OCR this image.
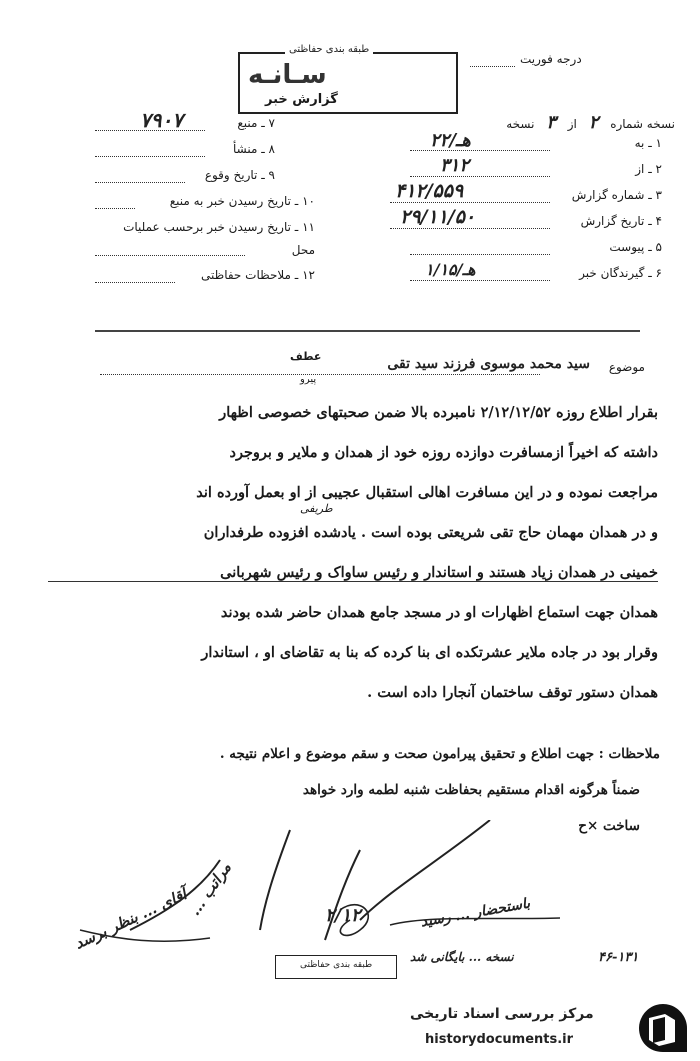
درجه فوریت
طبقه بندی حفاظتی
سـانـه
گزارش خبر
نسخه شماره ۲ از ۳ نسخه
۱ ـ به
۲۲/هـ
۲ ـ از
۳۱۲
۳ ـ شماره گزارش
۴۱۲/۵۵۹
۴ ـ تاریخ گزارش
۲۹/۱۱/۵۰
۵ ـ پیوست
۶ ـ گیرندگان خبر
۱/۱۵/هـ
۷ ـ منبع
۷۹۰۷
۸ ـ منشأ
۹ ـ تاریخ وقوع
۱۰ ـ تاریخ رسیدن خبر به منبع
۱۱ ـ تاریخ رسیدن خبر برحسب عملیات
محل
۱۲ ـ ملاحظات حفاظتی
موضوع
سید محمد موسوی فرزند سید تقی
عطف
پیرو
بقرار اطلاع روزه ۲/۱۲/۱۲/۵۲ نامبرده بالا ضمن صحبتهای خصوصی اظهار
داشته که اخیراً ازمسافرت دوازده روزه خود از همدان و ملایر و بروجرد
مراجعت نموده و در این مسافرت اهالی استقبال عجیبی از او بعمل آورده اند
طریفی
و در همدان مهمان حاج تقی شریعتی بوده است . یادشده افزوده طرفداران
خمینی در همدان زیاد هستند و استاندار و رئیس ساواک و رئیس شهربانی
همدان جهت استماع اظهارات او در مسجد جامع همدان حاضر شده بودند
وقرار بود در جاده ملایر عشرتکده ای بنا کرده که بنا به تقاضای او ، استاندار
همدان دستور توقف ساختمان آنجارا داده است .
ملاحظات : جهت اطلاع و تحقیق پیرامون صحت و سقم موضوع و اعلام نتیجه .
ضمناً هرگونه اقدام مستقیم بحفاظت شنبه لطمه وارد خواهد
ساخت ×ح
آقای ... بنظر برسد
مراتب ...	۲/۱۲	باستحضار ... رسید
نسخه ... بایگانی شد	۴۶-۱۳۱
طبقه بندی حفاظتی
مرکز بررسی اسناد تاریخی
historydocuments.ir
